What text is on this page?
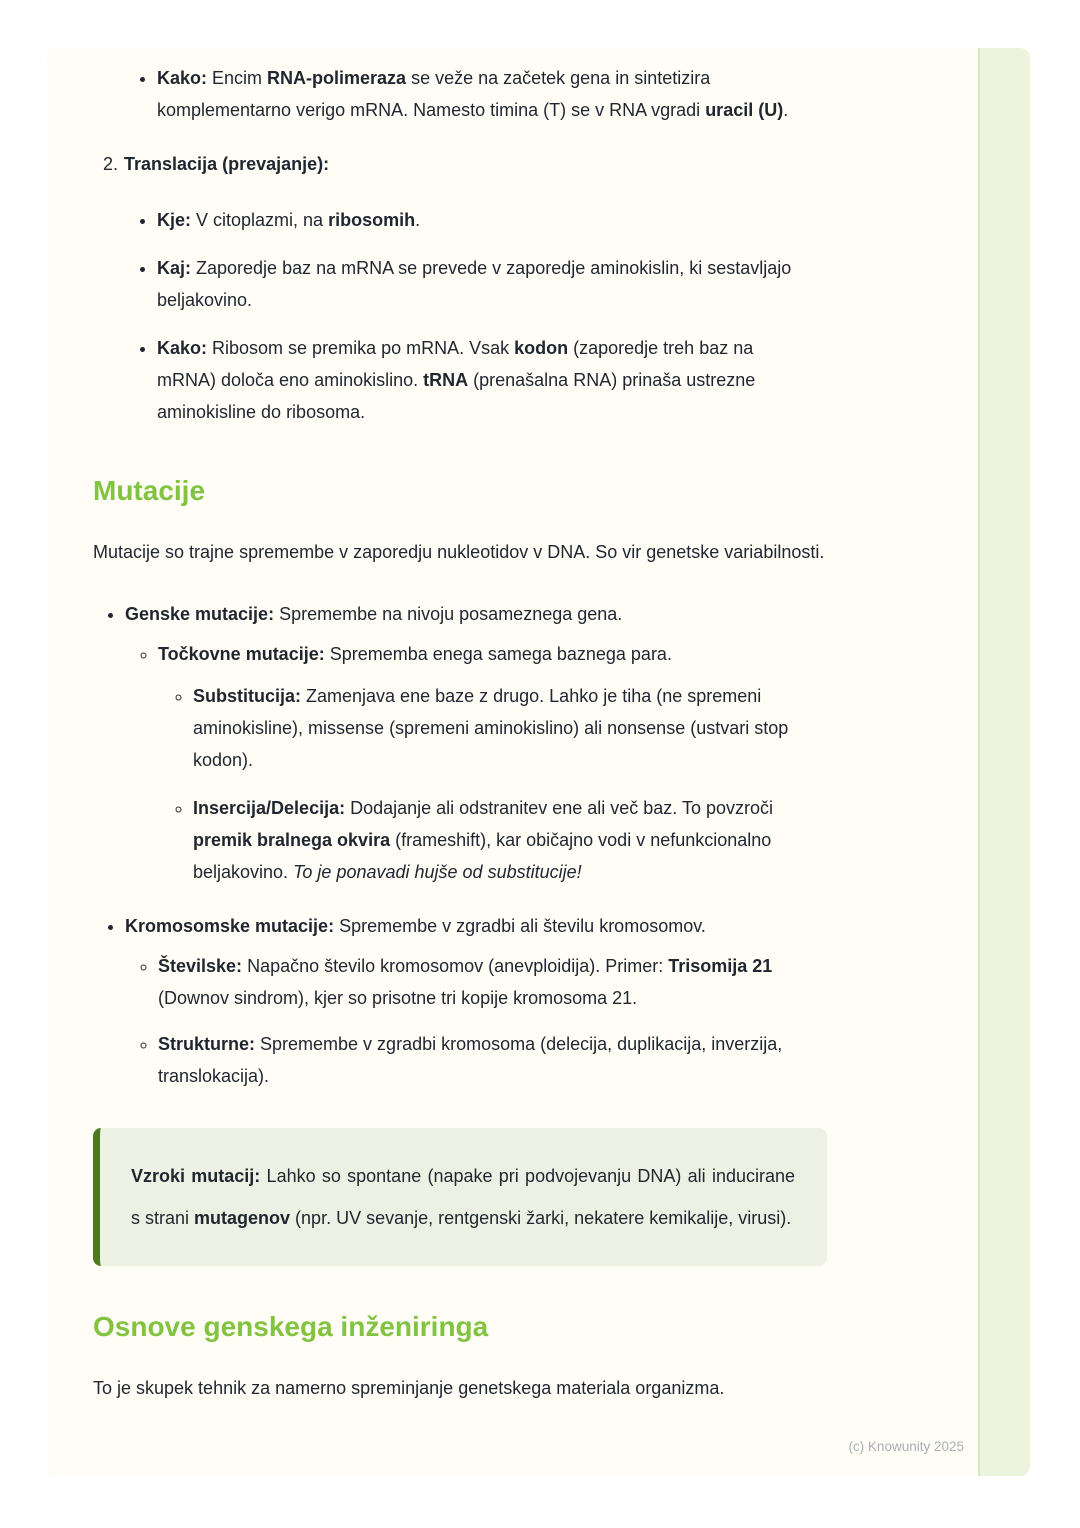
• Kako: Encim RNA-polimeraza se veže na začetek gena in sintetizira komplementarno verigo mRNA. Namesto timina (T) se v RNA vgradi uracil (U).
2. Translacija (prevajanje):
• Kje: V citoplazmi, na ribosomih.
• Kaj: Zaporedje baz na mRNA se prevede v zaporedje aminokislin, ki sestavljajo beljakovino.
• Kako: Ribosom se premika po mRNA. Vsak kodon (zaporedje treh baz na mRNA) določa eno aminokislino. tRNA (prenašalna RNA) prinaša ustrezne aminokisline do ribosoma.
Mutacije

Mutacije so trajne spremembe v zaporedju nukleotidov v DNA. So vir genetske variabilnosti.

• Genske mutacije: Spremembe na nivoju posameznega gena.
◦ Točkovne mutacije: Sprememba enega samega baznega para.
◦ Substitucija: Zamenjava ene baze z drugo. Lahko je tiha (ne spremeni aminokisline), missense (spremeni aminokislino) ali nonsense (ustvari stop kodon).
◦ Insercija/Delecija: Dodajanje ali odstranitev ene ali več baz. To povzroči premik bralnega okvira (frameshift), kar običajno vodi v nefunkcionalno beljakovino. To je ponavadi hujše od substitucije!
• Kromosomske mutacije: Spremembe v zgradbi ali številu kromosomov.
◦ Številske: Napačno število kromosomov (anevploidija). Primer: Trisomija 21 (Downov sindrom), kjer so prisotne tri kopije kromosoma 21.
◦ Strukturne: Spremembe v zgradbi kromosoma (delecija, duplikacija, inverzija, translokacija).
Vzroki mutacij: Lahko so spontane (napake pri podvojevanju DNA) ali inducirane s strani mutagenov (npr. UV sevanje, rentgenski žarki, nekatere kemikalije, virusi).
Osnove genskega inženiringa

To je skupek tehnik za namerno spreminjanje genetskega materiala organizma.

(c) Knowunity 2025
